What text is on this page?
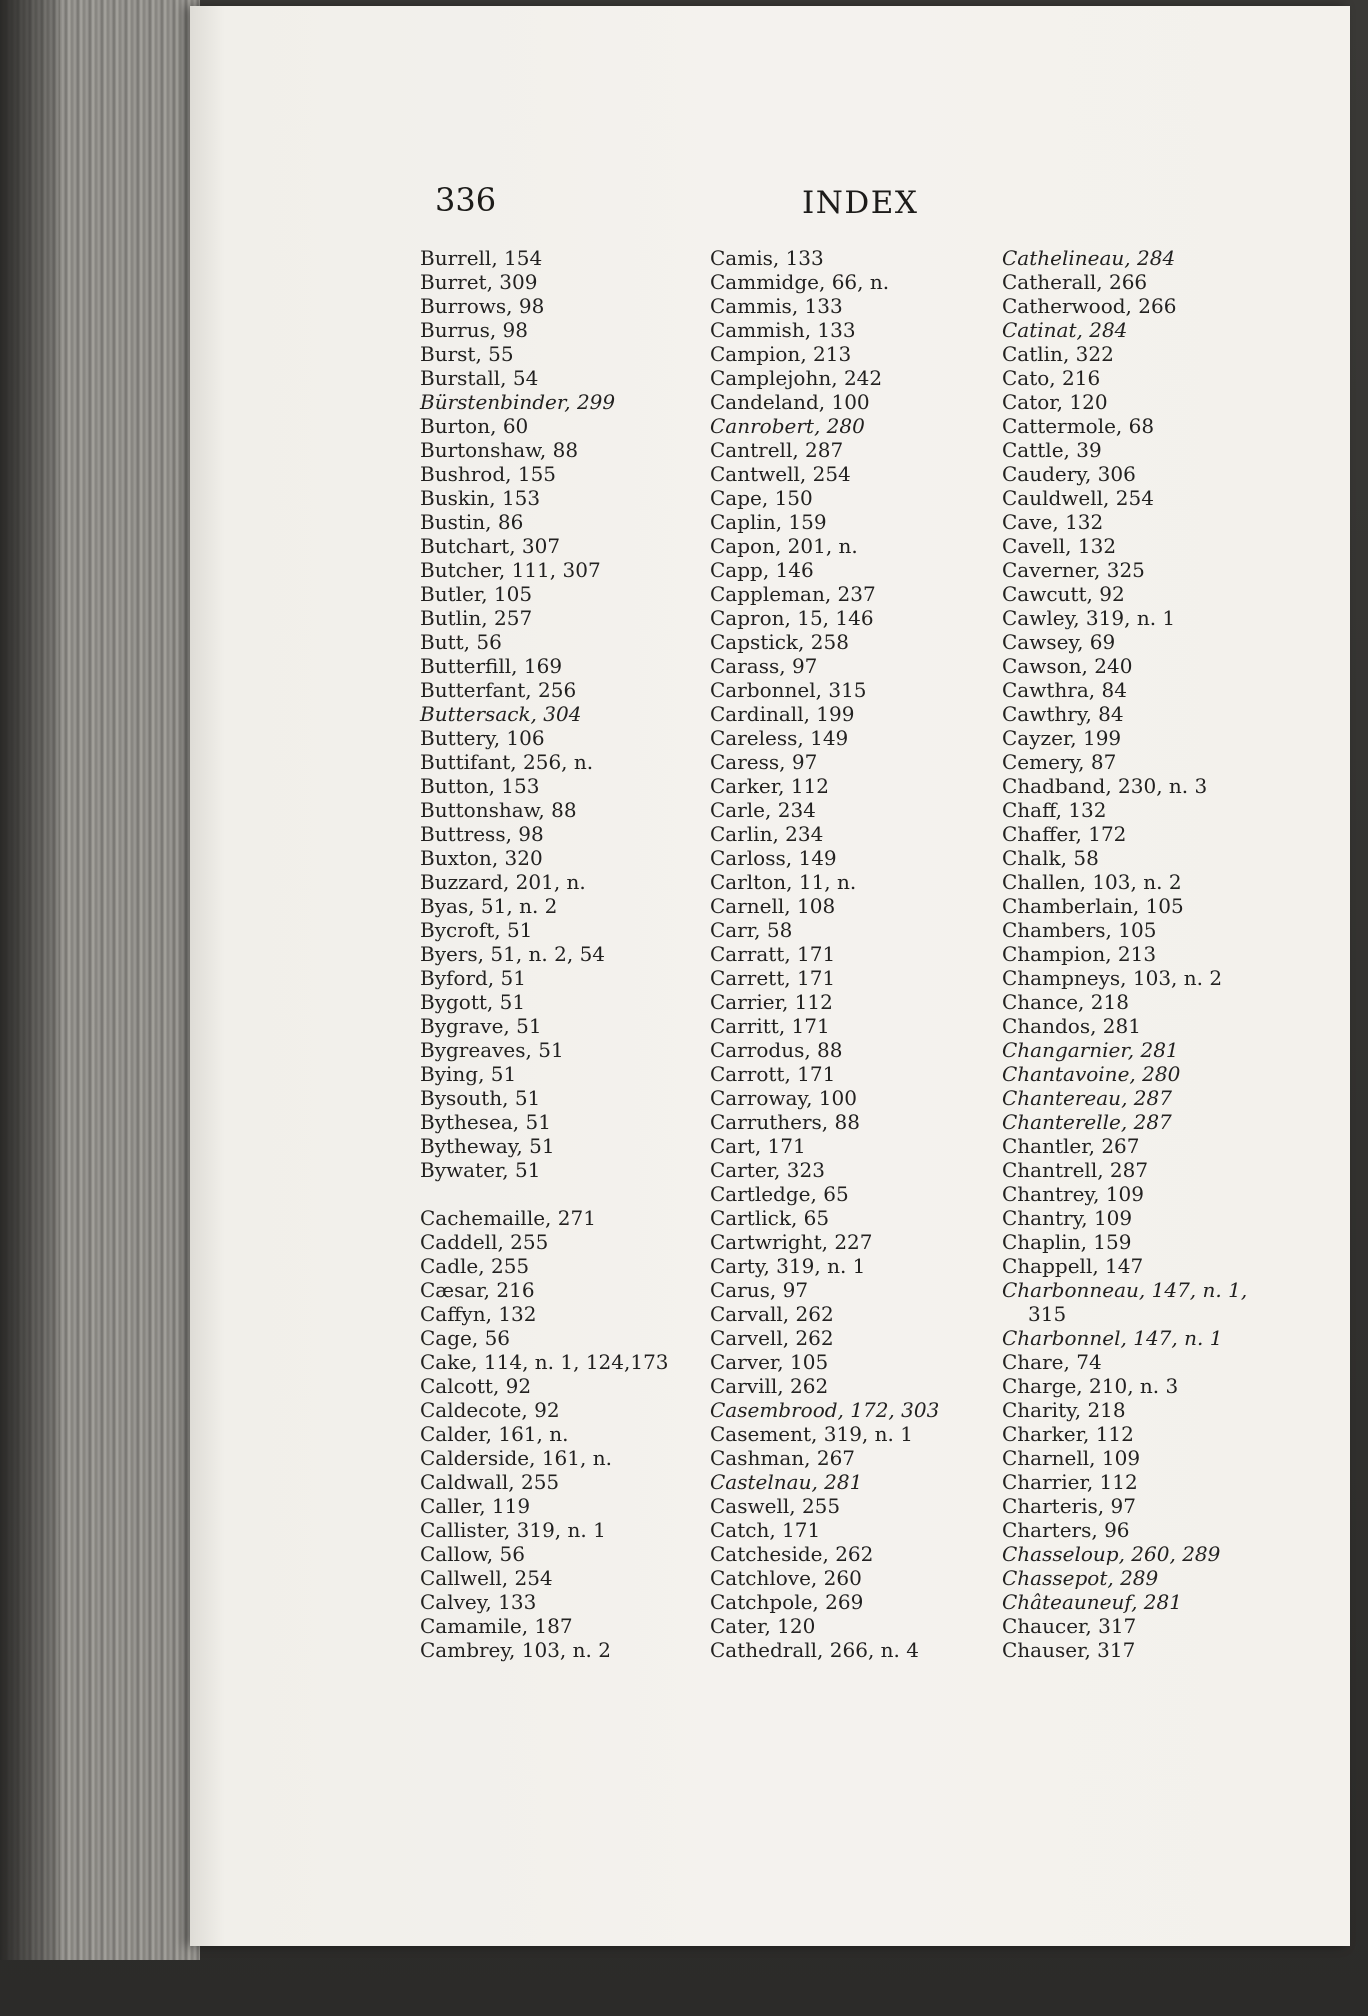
336	INDEX
Burrell, 154
Burret, 309
Burrows, 98
Burrus, 98
Burst, 55
Burstall, 54
Bürstenbinder, 299
Burton, 60
Burtonshaw, 88
Bushrod, 155
Buskin, 153
Bustin, 86
Butchart, 307
Butcher, 111, 307
Butler, 105
Butlin, 257
Butt, 56
Butterfill, 169
Butterfant, 256
Buttersack, 304
Buttery, 106
Buttifant, 256, n.
Button, 153
Buttonshaw, 88
Buttress, 98
Buxton, 320
Buzzard, 201, n.
Byas, 51, n. 2
Bycroft, 51
Byers, 51, n. 2, 54
Byford, 51
Bygott, 51
Bygrave, 51
Bygreaves, 51
Bying, 51
Bysouth, 51
Bythesea, 51
Bytheway, 51
Bywater, 51
Cachemaille, 271
Caddell, 255
Cadle, 255
Cæsar, 216
Caffyn, 132
Cage, 56
Cake, 114, n. 1, 124,173
Calcott, 92
Caldecote, 92
Calder, 161, n.
Calderside, 161, n.
Caldwall, 255
Caller, 119
Callister, 319, n. 1
Callow, 56
Callwell, 254
Calvey, 133
Camamile, 187
Cambrey, 103, n. 2
Camis, 133
Cammidge, 66, n.
Cammis, 133
Cammish, 133
Campion, 213
Camplejohn, 242
Candeland, 100
Canrobert, 280
Cantrell, 287
Cantwell, 254
Cape, 150
Caplin, 159
Capon, 201, n.
Capp, 146
Cappleman, 237
Capron, 15, 146
Capstick, 258
Carass, 97
Carbonnel, 315
Cardinall, 199
Careless, 149
Caress, 97
Carker, 112
Carle, 234
Carlin, 234
Carloss, 149
Carlton, 11, n.
Carnell, 108
Carr, 58
Carratt, 171
Carrett, 171
Carrier, 112
Carritt, 171
Carrodus, 88
Carrott, 171
Carroway, 100
Carruthers, 88
Cart, 171
Carter, 323
Cartledge, 65
Cartlick, 65
Cartwright, 227
Carty, 319, n. 1
Carus, 97
Carvall, 262
Carvell, 262
Carver, 105
Carvill, 262
Casembrood, 172, 303
Casement, 319, n. 1
Cashman, 267
Castelnau, 281
Caswell, 255
Catch, 171
Catcheside, 262
Catchlove, 260
Catchpole, 269
Cater, 120
Cathedrall, 266, n. 4
Cathelineau, 284
Catherall, 266
Catherwood, 266
Catinat, 284
Catlin, 322
Cato, 216
Cator, 120
Cattermole, 68
Cattle, 39
Caudery, 306
Cauldwell, 254
Cave, 132
Cavell, 132
Caverner, 325
Cawcutt, 92
Cawley, 319, n. 1
Cawsey, 69
Cawson, 240
Cawthra, 84
Cawthry, 84
Cayzer, 199
Cemery, 87
Chadband, 230, n. 3
Chaff, 132
Chaffer, 172
Chalk, 58
Challen, 103, n. 2
Chamberlain, 105
Chambers, 105
Champion, 213
Champneys, 103, n. 2
Chance, 218
Chandos, 281
Changarnier, 281
Chantavoine, 280
Chantereau, 287
Chanterelle, 287
Chantler, 267
Chantrell, 287
Chantrey, 109
Chantry, 109
Chaplin, 159
Chappell, 147
Charbonneau, 147, n. 1,
315
Charbonnel, 147, n. 1
Chare, 74
Charge, 210, n. 3
Charity, 218
Charker, 112
Charnell, 109
Charrier, 112
Charteris, 97
Charters, 96
Chasseloup, 260, 289
Chassepot, 289
Châteauneuf, 281
Chaucer, 317
Chauser, 317
